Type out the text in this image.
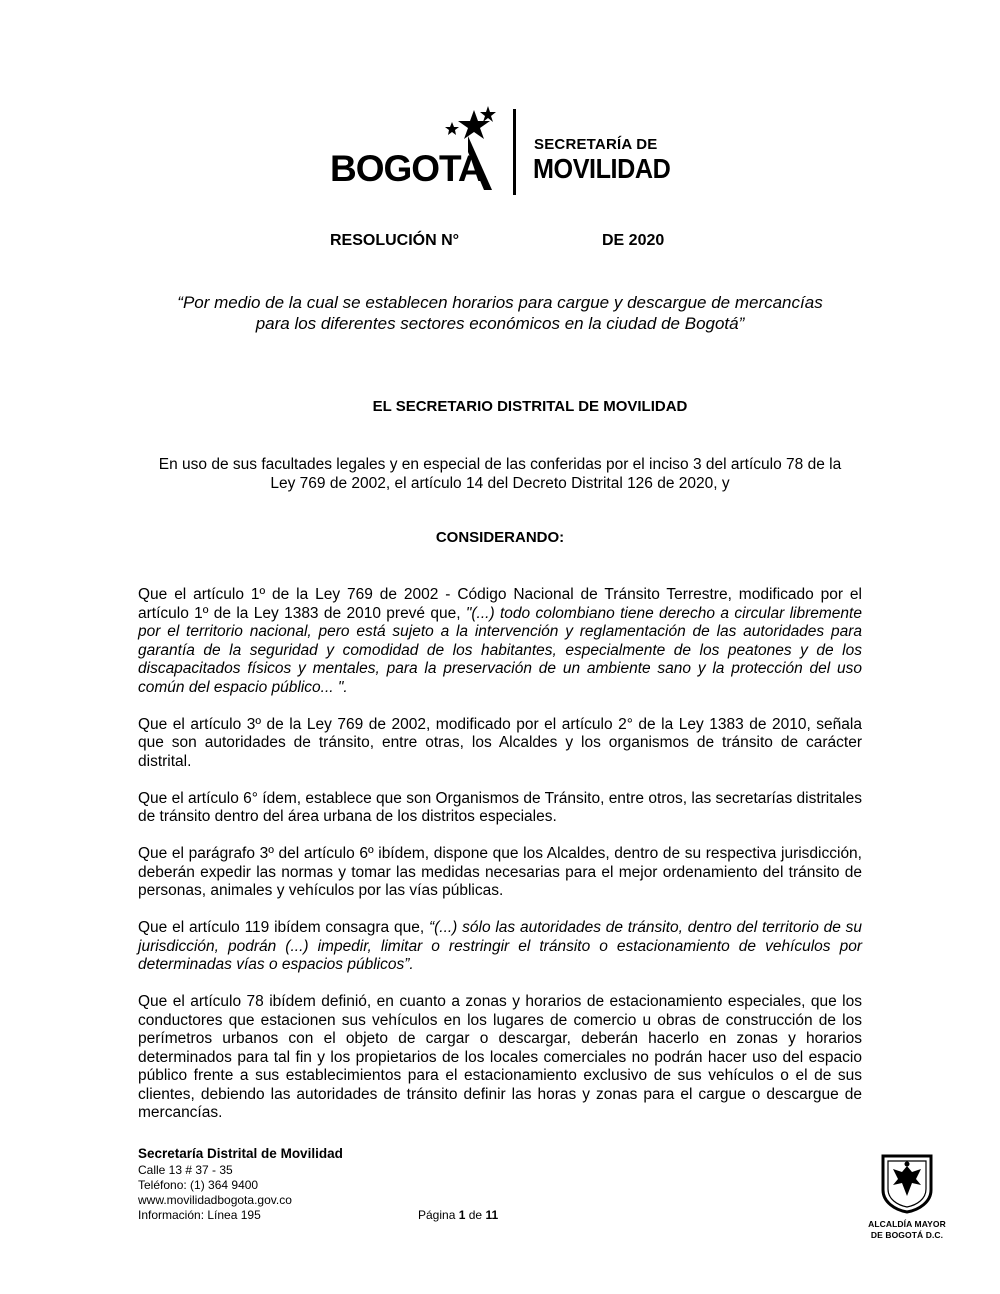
BOGOTA
SECRETARÍA DE
MOVILIDAD
RESOLUCIÓN N°	DE 2020
“Por medio de la cual se establecen horarios para cargue y descargue de mercancías
para los diferentes sectores económicos en la ciudad de Bogotá”
EL SECRETARIO DISTRITAL DE MOVILIDAD
En uso de sus facultades legales y en especial de las conferidas por el inciso 3 del artículo 78 de la
Ley 769 de 2002, el artículo 14 del Decreto Distrital 126 de 2020, y
CONSIDERANDO:

Que el artículo 1º de la Ley 769 de 2002 - Código Nacional de Tránsito Terrestre, modificado por el artículo 1º de la Ley 1383 de 2010 prevé que, "(...) todo colombiano tiene derecho a circular libremente por el territorio nacional, pero está sujeto a la intervención y reglamentación de las autoridades para garantía de la seguridad y comodidad de los habitantes, especialmente de los peatones y de los discapacitados físicos y mentales, para la preservación de un ambiente sano y la protección del uso común del espacio público... ".

Que el artículo 3º de la Ley 769 de 2002, modificado por el artículo 2° de la Ley 1383 de 2010, señala que son autoridades de tránsito, entre otras, los Alcaldes y los organismos de tránsito de carácter distrital.

Que el artículo 6° ídem, establece que son Organismos de Tránsito, entre otros, las secretarías distritales de tránsito dentro del área urbana de los distritos especiales.

Que el parágrafo 3º del artículo 6º ibídem, dispone que los Alcaldes, dentro de su respectiva jurisdicción, deberán expedir las normas y tomar las medidas necesarias para el mejor ordenamiento del tránsito de personas, animales y vehículos por las vías públicas.

Que el artículo 119 ibídem consagra que, “(...) sólo las autoridades de tránsito, dentro del territorio de su jurisdicción, podrán (...) impedir, limitar o restringir el tránsito o estacionamiento de vehículos por determinadas vías o espacios públicos”.

Que el artículo 78 ibídem definió, en cuanto a zonas y horarios de estacionamiento especiales, que los conductores que estacionen sus vehículos en los lugares de comercio u obras de construcción de los perímetros urbanos con el objeto de cargar o descargar, deberán hacerlo en zonas y horarios determinados para tal fin y los propietarios de los locales comerciales no podrán hacer uso del espacio público frente a sus establecimientos para el estacionamiento exclusivo de sus vehículos o el de sus clientes, debiendo las autoridades de tránsito definir las horas y zonas para el cargue o descargue de mercancías.

Secretaría Distrital de Movilidad
Calle 13 # 37 - 35
Teléfono: (1) 364 9400
www.movilidadbogota.gov.co
Información: Línea 195	Página 1 de 11
ALCALDÍA MAYOR
DE BOGOTÁ D.C.
